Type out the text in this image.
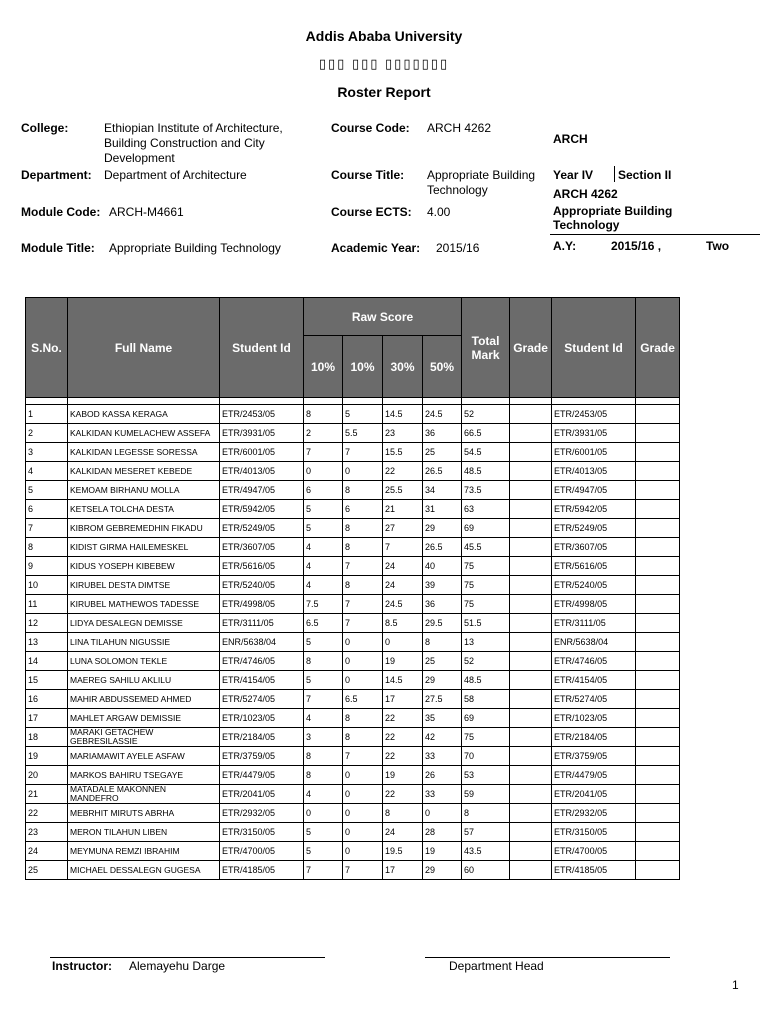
Addis Ababa University
▯▯▯ ▯▯▯ ▯▯▯▯▯▯▯
Roster Report
College:	Ethiopian Institute of Architecture, Building Construction and City Development
Department: Department of Architecture
Module Code: ARCH-M4661
Module Title: Appropriate Building Technology
Course Code: ARCH 4262
Course Title: Appropriate Building Technology
Course ECTS: 4.00
Academic Year: 2015/16
ARCH
Year IV Section II
ARCH 4262
Appropriate Building Technology
A.Y:	2015/16 ,	Two
S.No.	Full Name	Student Id	Raw Score				Total Mark	Grade	Student Id	Grade
			10%	10%	30%	50%				

1	KABOD KASSA KERAGA	ETR/2453/05	8	5	14.5	24.5	52		ETR/2453/05	
2	KALKIDAN KUMELACHEW ASSEFA	ETR/3931/05	2	5.5	23	36	66.5		ETR/3931/05	
3	KALKIDAN LEGESSE SORESSA	ETR/6001/05	7	7	15.5	25	54.5		ETR/6001/05	
4	KALKIDAN MESERET KEBEDE	ETR/4013/05	0	0	22	26.5	48.5		ETR/4013/05	
5	KEMOAM BIRHANU MOLLA	ETR/4947/05	6	8	25.5	34	73.5		ETR/4947/05	
6	KETSELA TOLCHA DESTA	ETR/5942/05	5	6	21	31	63		ETR/5942/05	
7	KIBROM GEBREMEDHIN FIKADU	ETR/5249/05	5	8	27	29	69		ETR/5249/05	
8	KIDIST GIRMA HAILEMESKEL	ETR/3607/05	4	8	7	26.5	45.5		ETR/3607/05	
9	KIDUS YOSEPH KIBEBEW	ETR/5616/05	4	7	24	40	75		ETR/5616/05	
10	KIRUBEL DESTA DIMTSE	ETR/5240/05	4	8	24	39	75		ETR/5240/05	
11	KIRUBEL MATHEWOS TADESSE	ETR/4998/05	7.5	7	24.5	36	75		ETR/4998/05	
12	LIDYA DESALEGN DEMISSE	ETR/3111/05	6.5	7	8.5	29.5	51.5		ETR/3111/05	
13	LINA TILAHUN NIGUSSIE	ENR/5638/04	5	0	0	8	13		ENR/5638/04	
14	LUNA SOLOMON TEKLE	ETR/4746/05	8	0	19	25	52		ETR/4746/05	
15	MAEREG SAHILU AKLILU	ETR/4154/05	5	0	14.5	29	48.5		ETR/4154/05	
16	MAHIR ABDUSSEMED AHMED	ETR/5274/05	7	6.5	17	27.5	58		ETR/5274/05	
17	MAHLET ARGAW DEMISSIE	ETR/1023/05	4	8	22	35	69		ETR/1023/05	
18	MARAKI GETACHEW GEBRESILASSIE	ETR/2184/05	3	8	22	42	75		ETR/2184/05	
19	MARIAMAWIT AYELE ASFAW	ETR/3759/05	8	7	22	33	70		ETR/3759/05	
20	MARKOS BAHIRU TSEGAYE	ETR/4479/05	8	0	19	26	53		ETR/4479/05	
21	MATADALE MAKONNEN MANDEFRO	ETR/2041/05	4	0	22	33	59		ETR/2041/05	
22	MEBRHIT MIRUTS ABRHA	ETR/2932/05	0	0	8	0	8		ETR/2932/05	
23	MERON TILAHUN LIBEN	ETR/3150/05	5	0	24	28	57		ETR/3150/05	
24	MEYMUNA REMZI IBRAHIM	ETR/4700/05	5	0	19.5	19	43.5		ETR/4700/05	
25	MICHAEL DESSALEGN GUGESA	ETR/4185/05	7	7	17	29	60		ETR/4185/05	
Instructor: Alemayehu Darge	Department Head
1
